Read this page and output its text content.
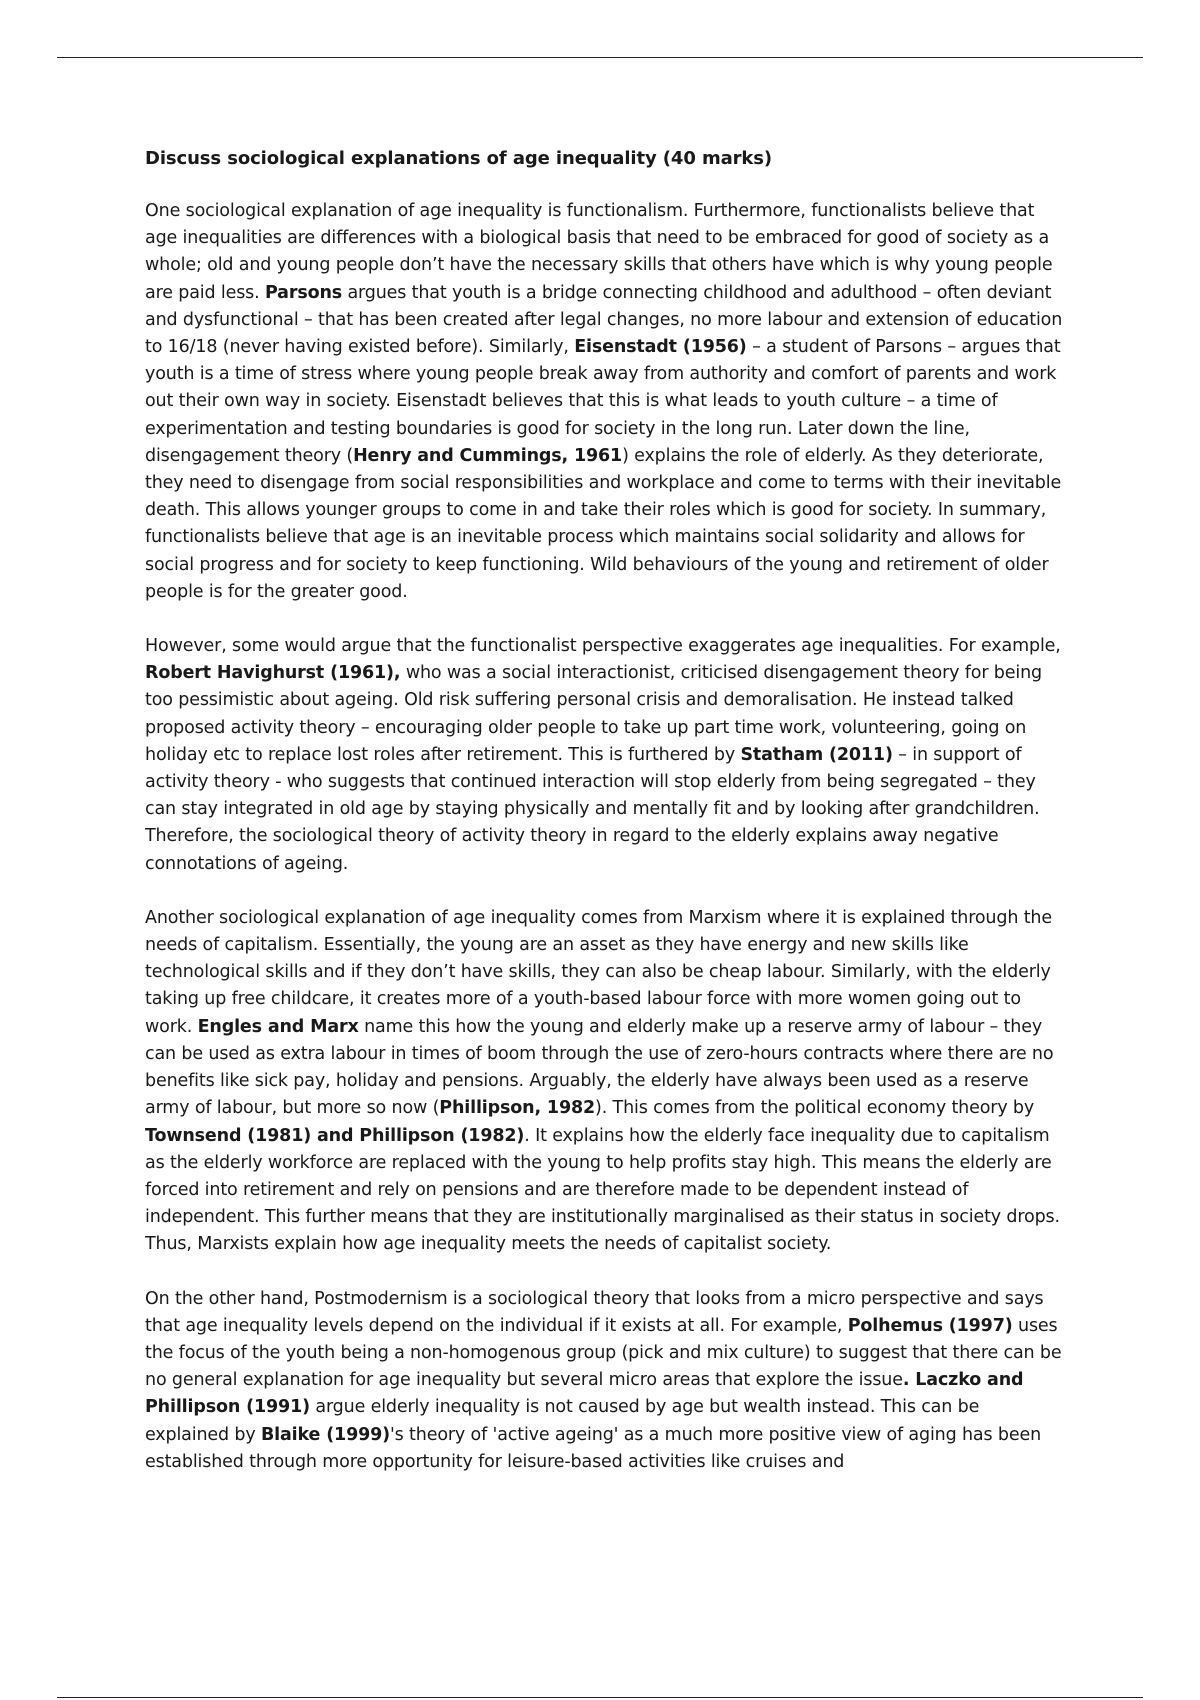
Discuss sociological explanations of age inequality (40 marks)

One sociological explanation of age inequality is functionalism. Furthermore, functionalists believe that age inequalities are differences with a biological basis that need to be embraced for good of society as a whole; old and young people don’t have the necessary skills that others have which is why young people are paid less. Parsons argues that youth is a bridge connecting childhood and adulthood – often deviant and dysfunctional – that has been created after legal changes, no more labour and extension of education to 16/18 (never having existed before). Similarly, Eisenstadt (1956) – a student of Parsons – argues that youth is a time of stress where young people break away from authority and comfort of parents and work out their own way in society. Eisenstadt believes that this is what leads to youth culture – a time of experimentation and testing boundaries is good for society in the long run. Later down the line, disengagement theory (Henry and Cummings, 1961) explains the role of elderly. As they deteriorate, they need to disengage from social responsibilities and workplace and come to terms with their inevitable death. This allows younger groups to come in and take their roles which is good for society. In summary, functionalists believe that age is an inevitable process which maintains social solidarity and allows for social progress and for society to keep functioning. Wild behaviours of the young and retirement of older people is for the greater good.

However, some would argue that the functionalist perspective exaggerates age inequalities. For example, Robert Havighurst (1961), who was a social interactionist, criticised disengagement theory for being too pessimistic about ageing. Old risk suffering personal crisis and demoralisation. He instead talked proposed activity theory – encouraging older people to take up part time work, volunteering, going on holiday etc to replace lost roles after retirement. This is furthered by Statham (2011) – in support of activity theory - who suggests that continued interaction will stop elderly from being segregated – they can stay integrated in old age by staying physically and mentally fit and by looking after grandchildren. Therefore, the sociological theory of activity theory in regard to the elderly explains away negative connotations of ageing.

Another sociological explanation of age inequality comes from Marxism where it is explained through the needs of capitalism. Essentially, the young are an asset as they have energy and new skills like technological skills and if they don’t have skills, they can also be cheap labour. Similarly, with the elderly taking up free childcare, it creates more of a youth-based labour force with more women going out to work. Engles and Marx name this how the young and elderly make up a reserve army of labour – they can be used as extra labour in times of boom through the use of zero-hours contracts where there are no benefits like sick pay, holiday and pensions. Arguably, the elderly have always been used as a reserve army of labour, but more so now (Phillipson, 1982). This comes from the political economy theory by Townsend (1981) and Phillipson (1982). It explains how the elderly face inequality due to capitalism as the elderly workforce are replaced with the young to help profits stay high. This means the elderly are forced into retirement and rely on pensions and are therefore made to be dependent instead of independent. This further means that they are institutionally marginalised as their status in society drops. Thus, Marxists explain how age inequality meets the needs of capitalist society.

On the other hand, Postmodernism is a sociological theory that looks from a micro perspective and says that age inequality levels depend on the individual if it exists at all. For example, Polhemus (1997) uses the focus of the youth being a non-homogenous group (pick and mix culture) to suggest that there can be no general explanation for age inequality but several micro areas that explore the issue. Laczko and Phillipson (1991) argue elderly inequality is not caused by age but wealth instead. This can be explained by Blaike (1999)'s theory of 'active ageing' as a much more positive view of aging has been established through more opportunity for leisure-based activities like cruises and
